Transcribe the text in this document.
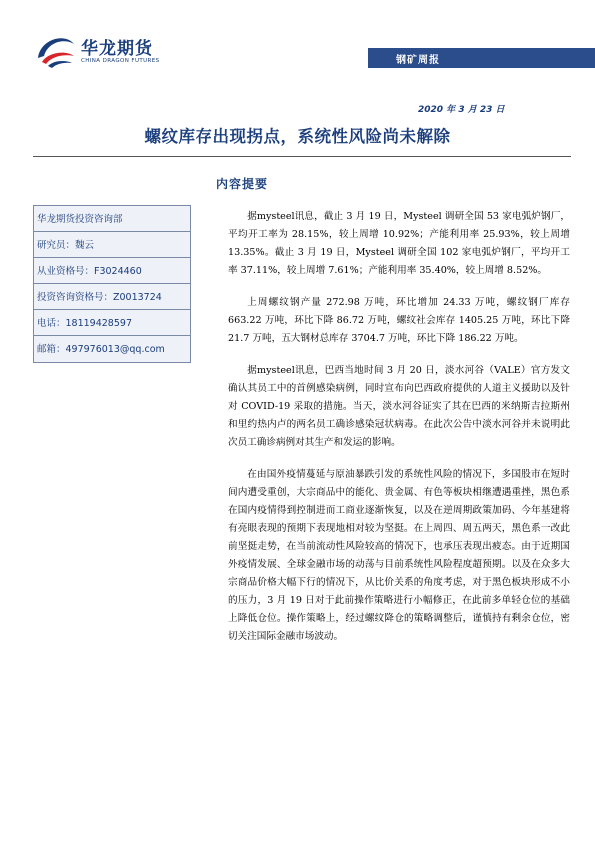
华龙期货
CHINA DRAGON FUTURES	钢矿周报
2020 年 3 月 23 日
螺纹库存出现拐点，系统性风险尚未解除
内容提要
华龙期货投资咨询部
研究员：魏云
从业资格号：F3024460
投资咨询资格号：Z0013724
电话：18119428597
邮箱：497976013@qq.com

据mysteel讯息，截止 3 月 19 日，Mysteel 调研全国 53 家电弧炉钢厂，平均开工率为 28.15%，较上周增 10.92%；产能利用率 25.93%，较上周增 13.35%。截止 3 月 19 日，Mysteel 调研全国 102 家电弧炉钢厂，平均开工率 37.11%，较上周增 7.61%；产能利用率 35.40%，较上周增 8.52%。

上周螺纹钢产量 272.98 万吨，环比增加 24.33 万吨，螺纹钢厂库存 663.22 万吨，环比下降 86.72 万吨，螺纹社会库存 1405.25 万吨，环比下降 21.7 万吨，五大钢材总库存 3704.7 万吨，环比下降 186.22 万吨。

据mysteel讯息，巴西当地时间 3 月 20 日，淡水河谷（VALE）官方发文确认其员工中的首例感染病例，同时宣布向巴西政府提供的人道主义援助以及针对 COVID-19 采取的措施。当天，淡水河谷证实了其在巴西的米纳斯吉拉斯州和里约热内卢的两名员工确诊感染冠状病毒。在此次公告中淡水河谷并未说明此次员工确诊病例对其生产和发运的影响。

在由国外疫情蔓延与原油暴跌引发的系统性风险的情况下，多国股市在短时间内遭受重创，大宗商品中的能化、贵金属、有色等板块相继遭遇重挫，黑色系在国内疫情得到控制进而工商业逐渐恢复，以及在逆周期政策加码、今年基建将有亮眼表现的预期下表现地相对较为坚挺。在上周四、周五两天，黑色系一改此前坚挺走势，在当前流动性风险较高的情况下，也承压表现出疲态。由于近期国外疫情发展、全球金融市场的动荡与目前系统性风险程度超预期。以及在众多大宗商品价格大幅下行的情况下，从比价关系的角度考虑，对于黑色板块形成不小的压力，3 月 19 日对于此前操作策略进行小幅修正，在此前多单轻仓位的基础上降低仓位。操作策略上，经过螺纹降仓的策略调整后，谨慎持有剩余仓位，密切关注国际金融市场波动。
